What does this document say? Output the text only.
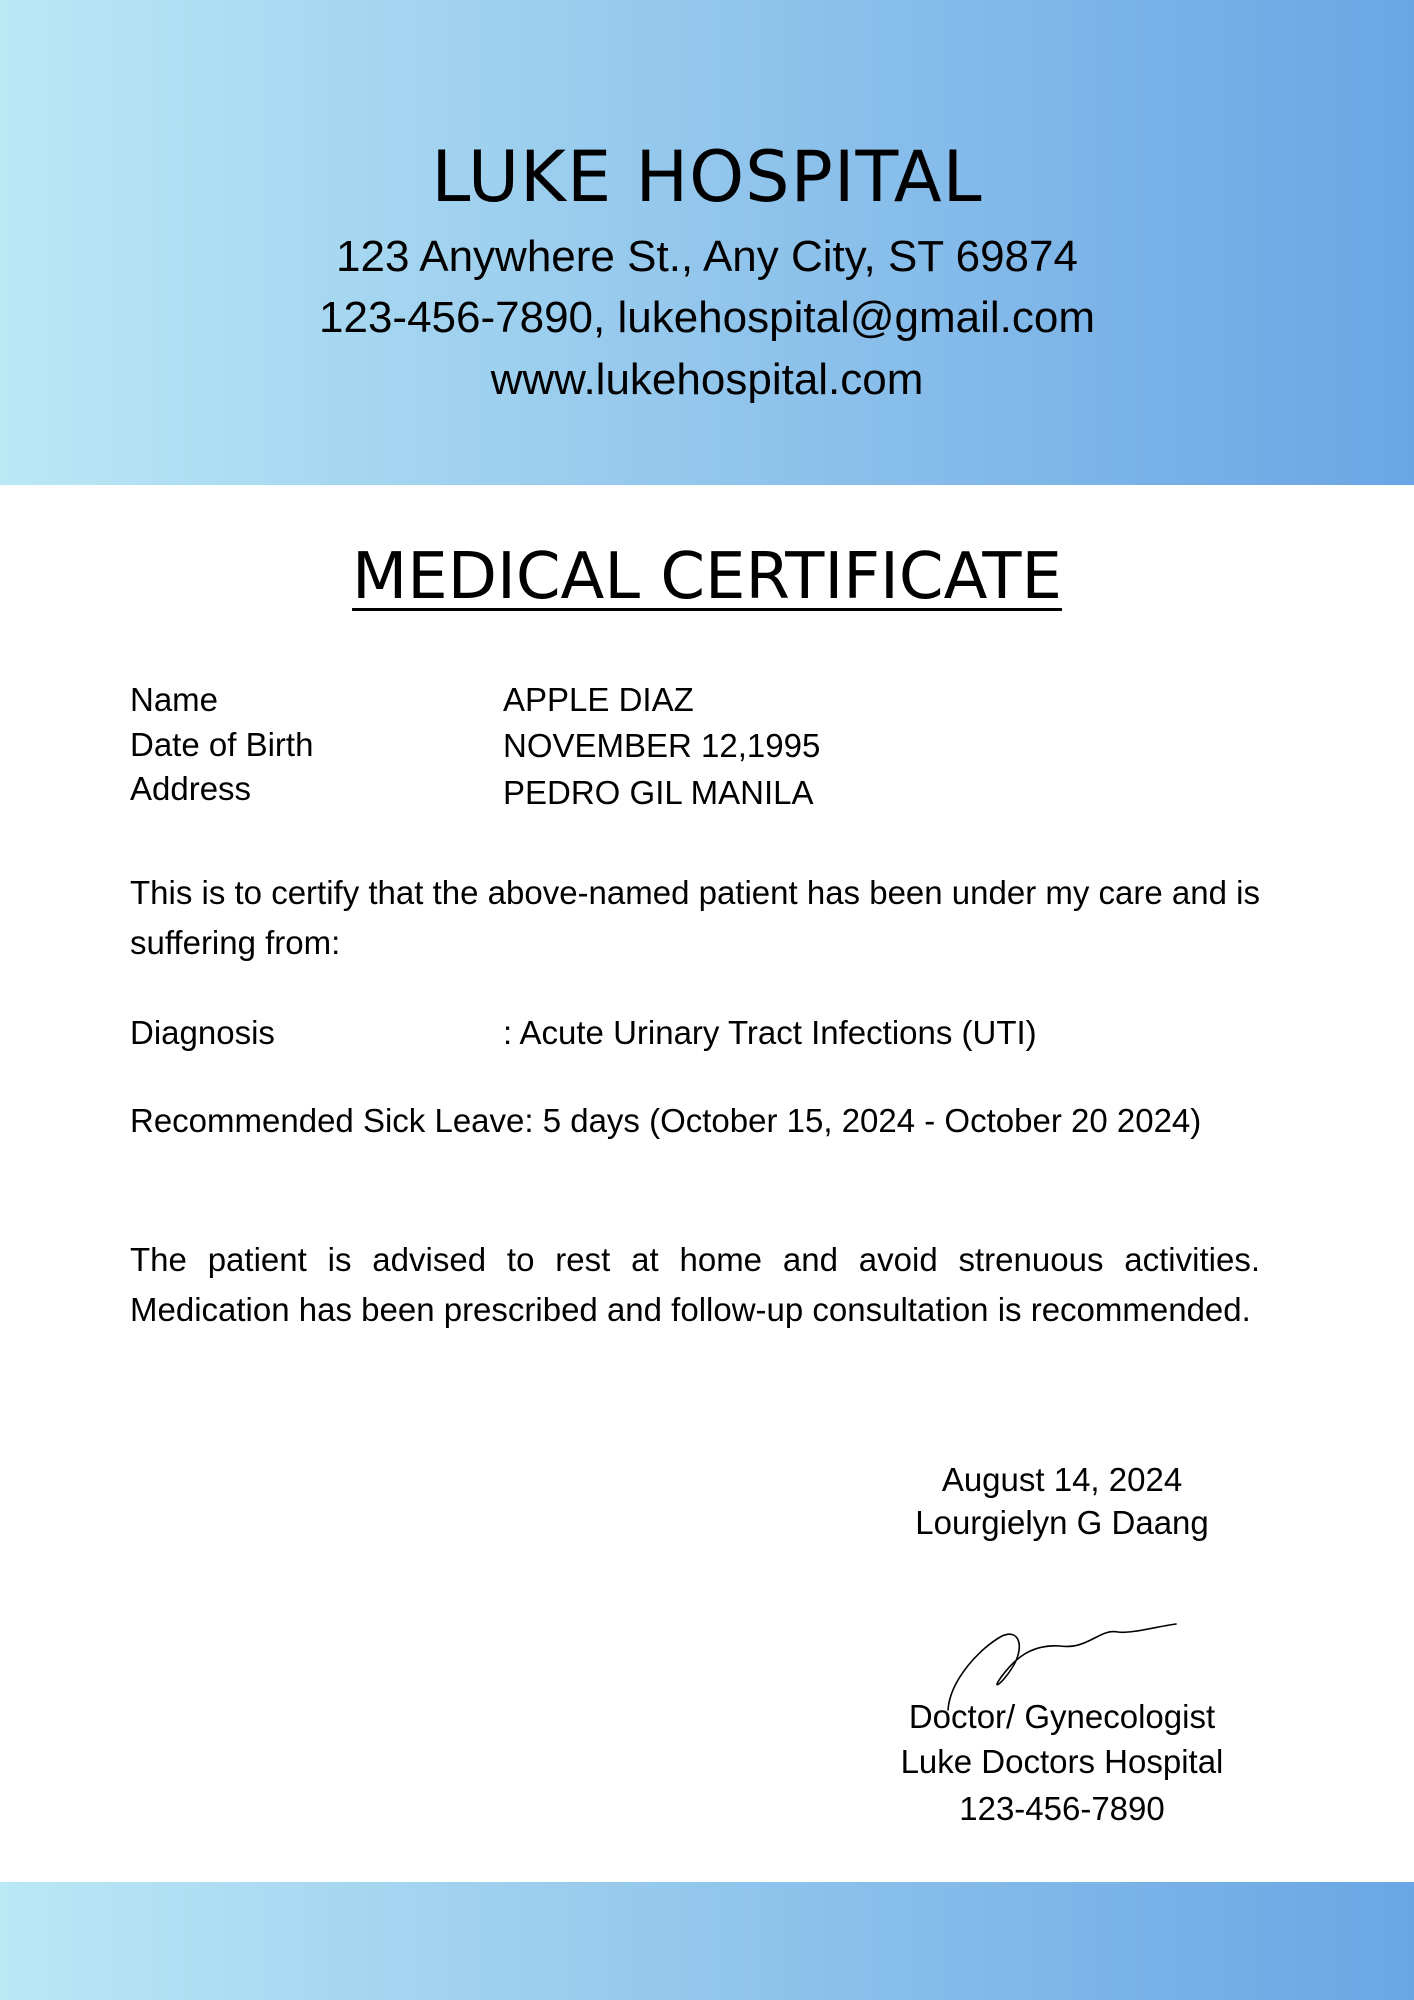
LUKE HOSPITAL
123 Anywhere St., Any City, ST 69874
123-456-7890, lukehospital@gmail.com
www.lukehospital.com
MEDICAL CERTIFICATE
Name	APPLE DIAZ
Date of Birth	NOVEMBER 12,1995
Address	PEDRO GIL MANILA
This is to certify that the above-named patient has been under my care and is suffering from:
Diagnosis	: Acute Urinary Tract Infections (UTI)
Recommended Sick Leave: 5 days (October 15, 2024 - October 20 2024)
The patient is advised to rest at home and avoid strenuous activities. Medication has been prescribed and follow-up consultation is recommended.
August 14, 2024
Lourgielyn G Daang
Doctor/ Gynecologist
Luke Doctors Hospital
123-456-7890
